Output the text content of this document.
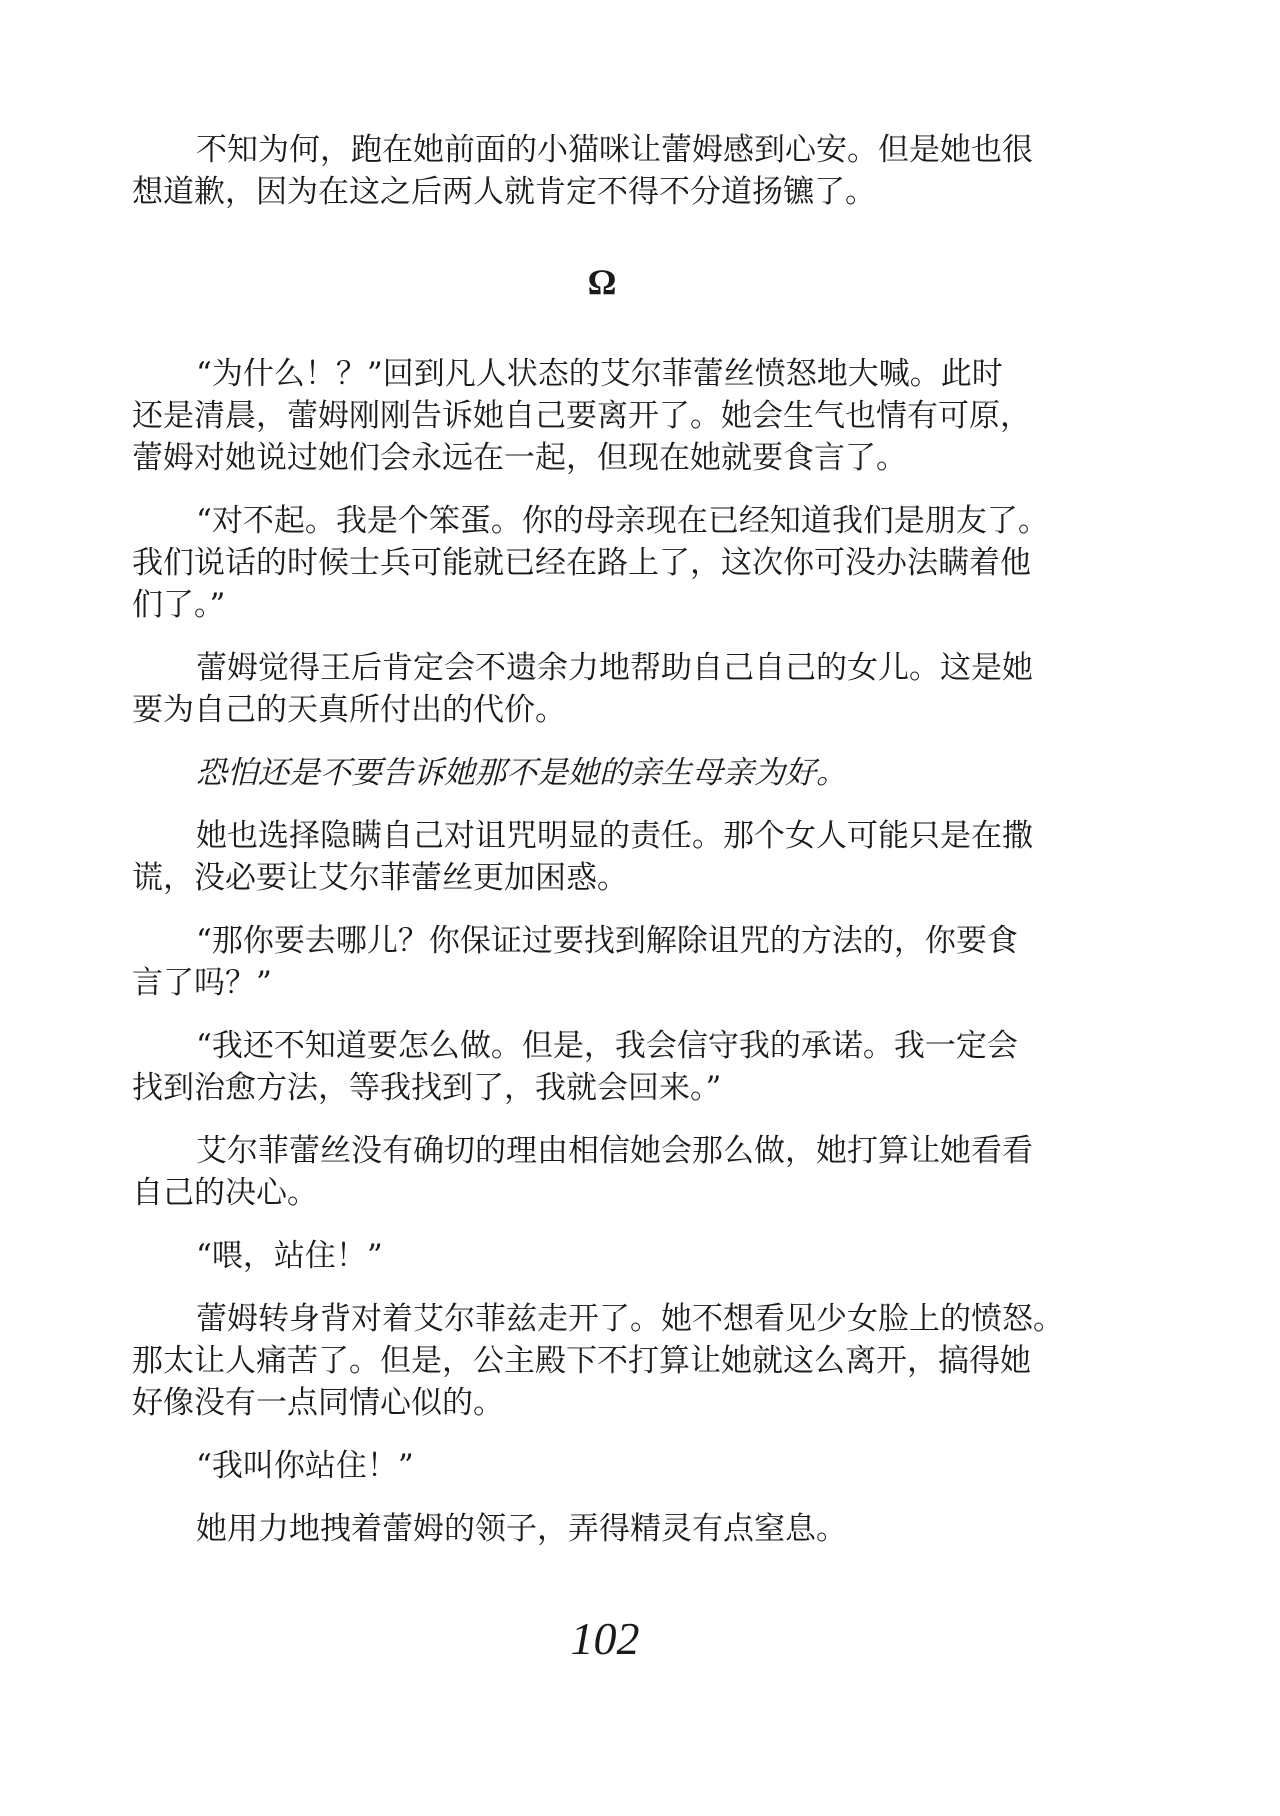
不知为何，跑在她前面的小猫咪让蕾姆感到心安。但是她也很
想道歉，因为在这之后两人就肯定不得不分道扬镳了。

Ω

“为什么！？”回到凡人状态的艾尔菲蕾丝愤怒地大喊。此时
还是清晨，蕾姆刚刚告诉她自己要离开了。她会生气也情有可原，
蕾姆对她说过她们会永远在一起，但现在她就要食言了。

“对不起。我是个笨蛋。你的母亲现在已经知道我们是朋友了。
我们说话的时候士兵可能就已经在路上了，这次你可没办法瞒着他
们了。”

蕾姆觉得王后肯定会不遗余力地帮助自己自己的女儿。这是她
要为自己的天真所付出的代价。

恐怕还是不要告诉她那不是她的亲生母亲为好。

她也选择隐瞒自己对诅咒明显的责任。那个女人可能只是在撒
谎，没必要让艾尔菲蕾丝更加困惑。

“那你要去哪儿？你保证过要找到解除诅咒的方法的，你要食
言了吗？”

“我还不知道要怎么做。但是，我会信守我的承诺。我一定会
找到治愈方法，等我找到了，我就会回来。”

艾尔菲蕾丝没有确切的理由相信她会那么做，她打算让她看看
自己的决心。

“喂，站住！”

蕾姆转身背对着艾尔菲兹走开了。她不想看见少女脸上的愤怒。
那太让人痛苦了。但是，公主殿下不打算让她就这么离开，搞得她
好像没有一点同情心似的。

“我叫你站住！”

她用力地拽着蕾姆的领子，弄得精灵有点窒息。

102
